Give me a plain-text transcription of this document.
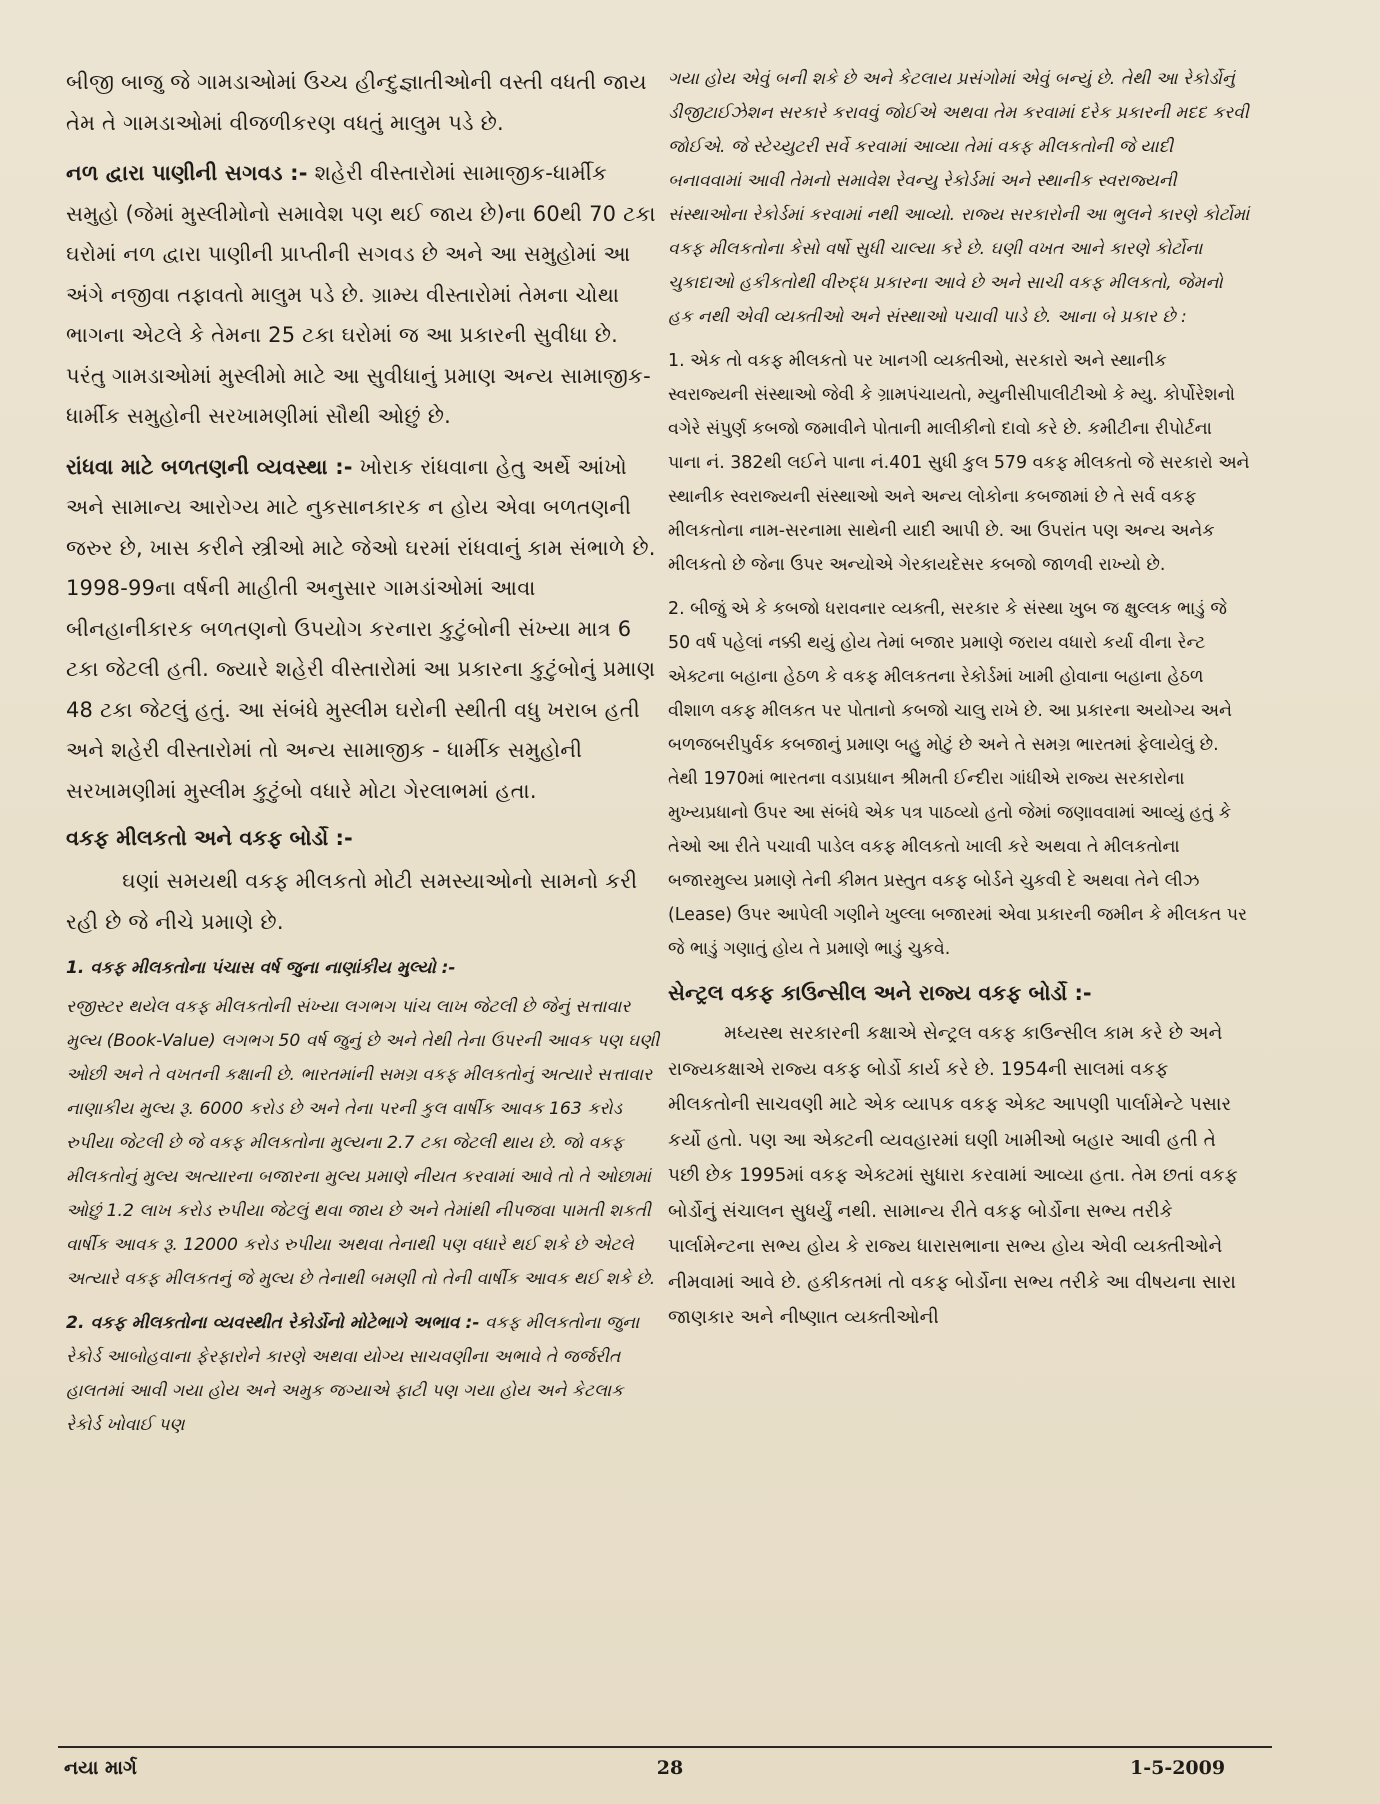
બીજી બાજુ જે ગામડાઓમાં ઉચ્ચ હીન્દુજ્ઞાતીઓની વસ્તી વધતી જાય તેમ તે ગામડાઓમાં વીજળીકરણ વધતું માલુમ પડે છે.

નળ દ્વારા પાણીની સગવડ :- શહેરી વીસ્તારોમાં સામાજીક-ધાર્મીક સમુહો (જેમાં મુસ્લીમોનો સમાવેશ પણ થઈ જાય છે)ના 60થી 70 ટકા ઘરોમાં નળ દ્વારા પાણીની પ્રાપ્તીની સગવડ છે અને આ સમુહોમાં આ અંગે નજીવા તફાવતો માલુમ પડે છે. ગ્રામ્ય વીસ્તારોમાં તેમના ચોથા ભાગના એટલે કે તેમના 25 ટકા ઘરોમાં જ આ પ્રકારની સુવીધા છે. પરંતુ ગામડાઓમાં મુસ્લીમો માટે આ સુવીધાનું પ્રમાણ અન્ય સામાજીક-ધાર્મીક સમુહોની સરખામણીમાં સૌથી ઓછું છે.

રાંધવા માટે બળતણની વ્યવસ્થા :- ખોરાક રાંધવાના હેતુ અર્થે આંખો અને સામાન્ય આરોગ્ય માટે નુકસાનકારક ન હોય એવા બળતણની જરુર છે, ખાસ કરીને સ્ત્રીઓ માટે જેઓ ઘરમાં રાંધવાનું કામ સંભાળે છે. 1998-99ના વર્ષની માહીતી અનુસાર ગામડાંઓમાં આવા બીનહાનીકારક બળતણનો ઉપયોગ કરનારા કુટુંબોની સંખ્યા માત્ર 6 ટકા જેટલી હતી. જ્યારે શહેરી વીસ્તારોમાં આ પ્રકારના કુટુંબોનું પ્રમાણ 48 ટકા જેટલું હતું. આ સંબંધે મુસ્લીમ ઘરોની સ્થીતી વધુ ખરાબ હતી અને શહેરી વીસ્તારોમાં તો અન્ય સામાજીક - ધાર્મીક સમુહોની સરખામણીમાં મુસ્લીમ કુટુંબો વધારે મોટા ગેરલાભમાં હતા.

વકફ મીલકતો અને વકફ બોર્ડો :-

ઘણાં સમયથી વકફ મીલકતો મોટી સમસ્યાઓનો સામનો કરી રહી છે જે નીચે પ્રમાણે છે.

1. વકફ મીલકતોના પંચાસ વર્ષ જુના નાણાંકીય મુલ્યો :-

રજીસ્ટર થયેલ વકફ મીલકતોની સંખ્યા લગભગ પાંચ લાખ જેટલી છે જેનું સત્તાવાર મુલ્ય (Book-Value) લગભગ 50 વર્ષ જુનું છે અને તેથી તેના ઉપરની આવક પણ ઘણી ઓછી અને તે વખતની કક્ષાની છે. ભારતમાંની સમગ્ર વકફ મીલકતોનું અત્યારે સત્તાવાર નાણાકીય મુલ્ય રૂ. 6000 કરોડ છે અને તેના પરની કુલ વાર્ષીક આવક 163 કરોડ રુપીયા જેટલી છે જે વકફ મીલકતોના મુલ્યના 2.7 ટકા જેટલી થાય છે. જો વકફ મીલકતોનું મુલ્ય અત્યારના બજારના મુલ્ય પ્રમાણે નીયત કરવામાં આવે તો તે ઓછામાં ઓછું 1.2 લાખ કરોડ રુપીયા જેટલું થવા જાય છે અને તેમાંથી નીપજવા પામતી શકતી વાર્ષીક આવક રૂ. 12000 કરોડ રુપીયા અથવા તેનાથી પણ વધારે થઈ શકે છે એટલે અત્યારે વકફ મીલકતનું જે મુલ્ય છે તેનાથી બમણી તો તેની વાર્ષીક આવક થઈ શકે છે.

2. વકફ મીલકતોના વ્યવસ્થીત રેકોર્ડોનો મોટેભાગે અભાવ :- વકફ મીલકતોના જુના રેકોર્ડ આબોહવાના ફેરફારોને કારણે અથવા યોગ્ય સાચવણીના અભાવે તે જર્જરીત હાલતમાં આવી ગયા હોય અને અમુક જગ્યાએ ફાટી પણ ગયા હોય અને કેટલાક રેકોર્ડ ખોવાઈ પણ

ગયા હોય એવું બની શકે છે અને કેટલાય પ્રસંગોમાં એવું બન્યું છે. તેથી આ રેકોર્ડોનું ડીજીટાઈઝેશન સરકારે કરાવવું જોઈએ અથવા તેમ કરવામાં દરેક પ્રકારની મદદ કરવી જોઈએ. જે સ્ટેચ્યુટરી સર્વે કરવામાં આવ્યા તેમાં વકફ મીલકતોની જે યાદી બનાવવામાં આવી તેમનો સમાવેશ રેવન્યુ રેકોર્ડમાં અને સ્થાનીક સ્વરાજ્યની સંસ્થાઓના રેકોર્ડમાં કરવામાં નથી આવ્યો. રાજ્ય સરકારોની આ ભુલને કારણે કોર્ટોમાં વકફ મીલકતોના કેસો વર્ષો સુધી ચાલ્યા કરે છે. ઘણી વખત આને કારણે કોર્ટોના ચુકાદાઓ હકીકતોથી વીરુદ્ધ પ્રકારના આવે છે અને સાચી વકફ મીલકતો, જેમનો હક નથી એવી વ્યક્તીઓ અને સંસ્થાઓ પચાવી પાડે છે. આના બે પ્રકાર છે :

1. એક તો વકફ મીલકતો પર ખાનગી વ્યક્તીઓ, સરકારો અને સ્થાનીક સ્વરાજ્યની સંસ્થાઓ જેવી કે ગ્રામપંચાયતો, મ્યુનીસીપાલીટીઓ કે મ્યુ. કોર્પોરેશનો વગેરે સંપુર્ણ કબજો જમાવીને પોતાની માલીકીનો દાવો કરે છે. કમીટીના રીપોર્ટના પાના નં. 382થી લઈને પાના નં.401 સુધી કુલ 579 વકફ મીલકતો જે સરકારો અને સ્થાનીક સ્વરાજ્યની સંસ્થાઓ અને અન્ય લોકોના કબજામાં છે તે સર્વ વકફ મીલકતોના નામ-સરનામા સાથેની યાદી આપી છે. આ ઉપરાંત પણ અન્ય અનેક મીલકતો છે જેના ઉપર અન્યોએ ગેરકાયદેસર કબજો જાળવી રાખ્યો છે.

2. બીજું એ કે કબજો ધરાવનાર વ્યક્તી, સરકાર કે સંસ્થા ખુબ જ ક્ષુલ્લક ભાડું જે 50 વર્ષ પહેલાં નક્કી થયું હોય તેમાં બજાર પ્રમાણે જરાય વધારો કર્યા વીના રેન્ટ એક્ટના બહાના હેઠળ કે વકફ મીલકતના રેકોર્ડમાં ખામી હોવાના બહાના હેઠળ વીશાળ વકફ મીલકત પર પોતાનો કબજો ચાલુ રાખે છે. આ પ્રકારના અયોગ્ય અને બળજબરીપુર્વક કબજાનું પ્રમાણ બહુ મોટું છે અને તે સમગ્ર ભારતમાં ફેલાયેલું છે. તેથી 1970માં ભારતના વડાપ્રધાન શ્રીમતી ઈન્દીરા ગાંધીએ રાજ્ય સરકારોના મુખ્યપ્રધાનો ઉપર આ સંબંધે એક પત્ર પાઠવ્યો હતો જેમાં જણાવવામાં આવ્યું હતું કે તેઓ આ રીતે પચાવી પાડેલ વકફ મીલકતો ખાલી કરે અથવા તે મીલકતોના બજારમુલ્ય પ્રમાણે તેની કીમત પ્રસ્તુત વકફ બોર્ડને ચુકવી દે અથવા તેને લીઝ (Lease) ઉપર આપેલી ગણીને ખુલ્લા બજારમાં એવા પ્રકારની જમીન કે મીલકત પર જે ભાડું ગણાતું હોય તે પ્રમાણે ભાડું ચુકવે.

સેન્ટ્રલ વકફ કાઉન્સીલ અને રાજ્ય વકફ બોર્ડો :-

મધ્યસ્થ સરકારની કક્ષાએ સેન્ટ્રલ વકફ કાઉન્સીલ કામ કરે છે અને રાજ્યકક્ષાએ રાજ્ય વકફ બોર્ડો કાર્ય કરે છે. 1954ની સાલમાં વકફ મીલકતોની સાચવણી માટે એક વ્યાપક વકફ એક્ટ આપણી પાર્લામેન્ટે પસાર કર્યો હતો. પણ આ એક્ટની વ્યવહારમાં ઘણી ખામીઓ બહાર આવી હતી તે પછી છેક 1995માં વકફ એક્ટમાં સુધારા કરવામાં આવ્યા હતા. તેમ છતાં વકફ બોર્ડોનું સંચાલન સુધર્યું નથી. સામાન્ય રીતે વકફ બોર્ડોના સભ્ય તરીકે પાર્લામેન્ટના સભ્ય હોય કે રાજ્ય ધારાસભાના સભ્ય હોય એવી વ્યક્તીઓને નીમવામાં આવે છે. હકીકતમાં તો વકફ બોર્ડોના સભ્ય તરીકે આ વીષયના સારા જાણકાર અને નીષ્ણાત વ્યક્તીઓની

નયા માર્ગ	28	1-5-2009
